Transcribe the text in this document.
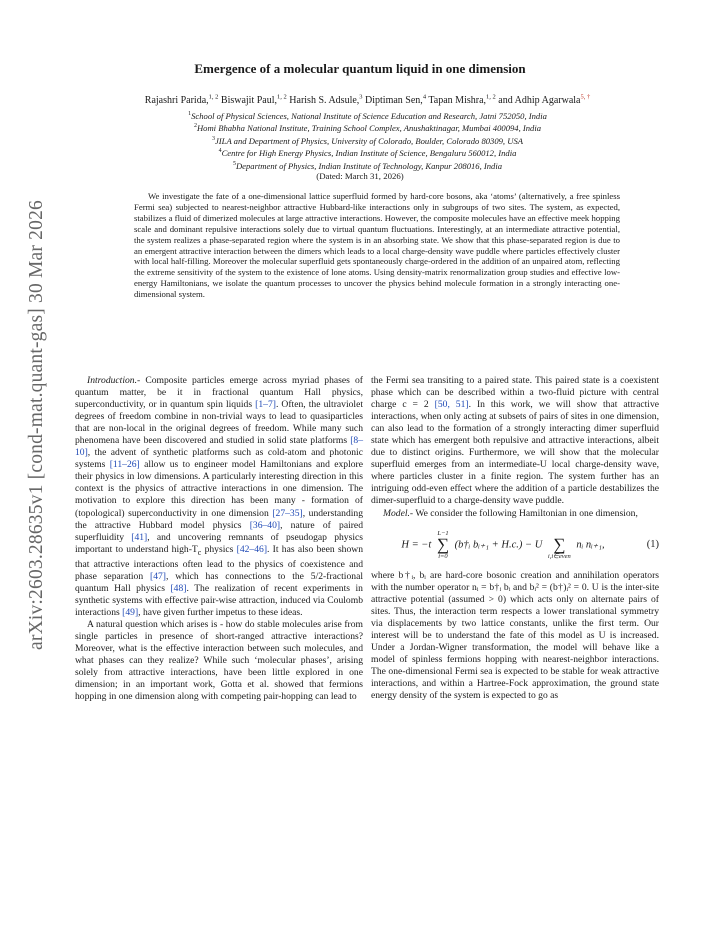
arXiv:2603.28635v1 [cond-mat.quant-gas] 30 Mar 2026
Emergence of a molecular quantum liquid in one dimension
Rajashri Parida,$^{1, 2}$ Biswajit Paul,$^{1, 2}$ Harish S. Adsule,$^3$ Diptiman Sen,$^4$ Tapan Mishra,$^{1, 2}$ and Adhip Agarwala$^{5, \dagger}$
$^1$School of Physical Sciences, National Institute of Science Education and Research, Jatni 752050, India
$^2$Homi Bhabha National Institute, Training School Complex, Anushaktinagar, Mumbai 400094, India
$^3$JILA and Department of Physics, University of Colorado, Boulder, Colorado 80309, USA
$^4$Centre for High Energy Physics, Indian Institute of Science, Bengaluru 560012, India
$^5$Department of Physics, Indian Institute of Technology, Kanpur 208016, India
(Dated: March 31, 2026)
We investigate the fate of a one-dimensional lattice superfluid formed by hard-core bosons, aka ‘atoms’ (alternatively, a free spinless Fermi sea) subjected to nearest-neighbor attractive Hubbard-like interactions only in subgroups of two sites. The system, as expected, stabilizes a fluid of dimerized molecules at large attractive interactions. However, the composite molecules have an effective meek hopping scale and dominant repulsive interactions solely due to virtual quantum fluctuations. Interestingly, at an intermediate attractive potential, the system realizes a phase-separated region where the system is in an absorbing state. We show that this phase-separated region is due to an emergent attractive interaction between the dimers which leads to a local charge-density wave puddle where particles effectively cluster with local half-filling. Moreover the molecular superfluid gets spontaneously charge-ordered in the addition of an unpaired atom, reflecting the extreme sensitivity of the system to the existence of lone atoms. Using density-matrix renormalization group studies and effective low-energy Hamiltonians, we isolate the quantum processes to uncover the physics behind molecule formation in a strongly interacting one-dimensional system.

Introduction.- Composite particles emerge across myriad phases of quantum matter, be it in fractional quantum Hall physics, superconductivity, or in quantum spin liquids [1–7]. Often, the ultraviolet degrees of freedom combine in non-trivial ways to lead to quasiparticles that are non-local in the original degrees of freedom. While many such phenomena have been discovered and studied in solid state platforms [8–10], the advent of synthetic platforms such as cold-atom and photonic systems [11–26] allow us to engineer model Hamiltonians and explore their physics in low dimensions. A particularly interesting direction in this context is the physics of attractive interactions in one dimension. The motivation to explore this direction has been many - formation of (topological) superconductivity in one dimension [27–35], understanding the attractive Hubbard model physics [36–40], nature of paired superfluidity [41], and uncovering remnants of pseudogap physics important to understand high-$T_c$ physics [42–46]. It has also been shown that attractive interactions often lead to the physics of coexistence and phase separation [47], which has connections to the 5/2-fractional quantum Hall physics [48]. The realization of recent experiments in synthetic systems with effective pair-wise attraction, induced via Coulomb interactions [49], have given further impetus to these ideas.

A natural question which arises is - how do stable molecules arise from single particles in presence of short-ranged attractive interactions? Moreover, what is the effective interaction between such molecules, and what phases can they realize? While such ‘molecular phases’, arising solely from attractive interactions, have been little explored in one dimension; in an important work, Gotta et al. showed that fermions hopping in one dimension along with competing pair-hopping can lead to

the Fermi sea transiting to a paired state. This paired state is a coexistent phase which can be described within a two-fluid picture with central charge c = 2 [50, 51]. In this work, we will show that attractive interactions, when only acting at subsets of pairs of sites in one dimension, can also lead to the formation of a strongly interacting dimer superfluid state which has emergent both repulsive and attractive interactions, albeit due to distinct origins. Furthermore, we will show that the molecular superfluid emerges from an intermediate-U local charge-density wave, where particles cluster in a finite region. The system further has an intriguing odd-even effect where the addition of a particle destabilizes the dimer-superfluid to a charge-density wave puddle.

Model.- We consider the following Hamiltonian in one dimension,

H = −t
L−1
∑
i=0
(b†ᵢ bᵢ₊₁ + H.c.) − U
∑
i,i∈even
nᵢ nᵢ₊₁,	(1)

where b†ᵢ, bᵢ are hard-core bosonic creation and annihilation operators with the number operator nᵢ = b†ᵢ bᵢ and bᵢ² = (b†)ᵢ² = 0. U is the inter-site attractive potential (assumed > 0) which acts only on alternate pairs of sites. Thus, the interaction term respects a lower translational symmetry via displacements by two lattice constants, unlike the first term. Our interest will be to understand the fate of this model as U is increased. Under a Jordan-Wigner transformation, the model will behave like a model of spinless fermions hopping with nearest-neighbor interactions. The one-dimensional Fermi sea is expected to be stable for weak attractive interactions, and within a Hartree-Fock approximation, the ground state energy density of the system is expected to go as
